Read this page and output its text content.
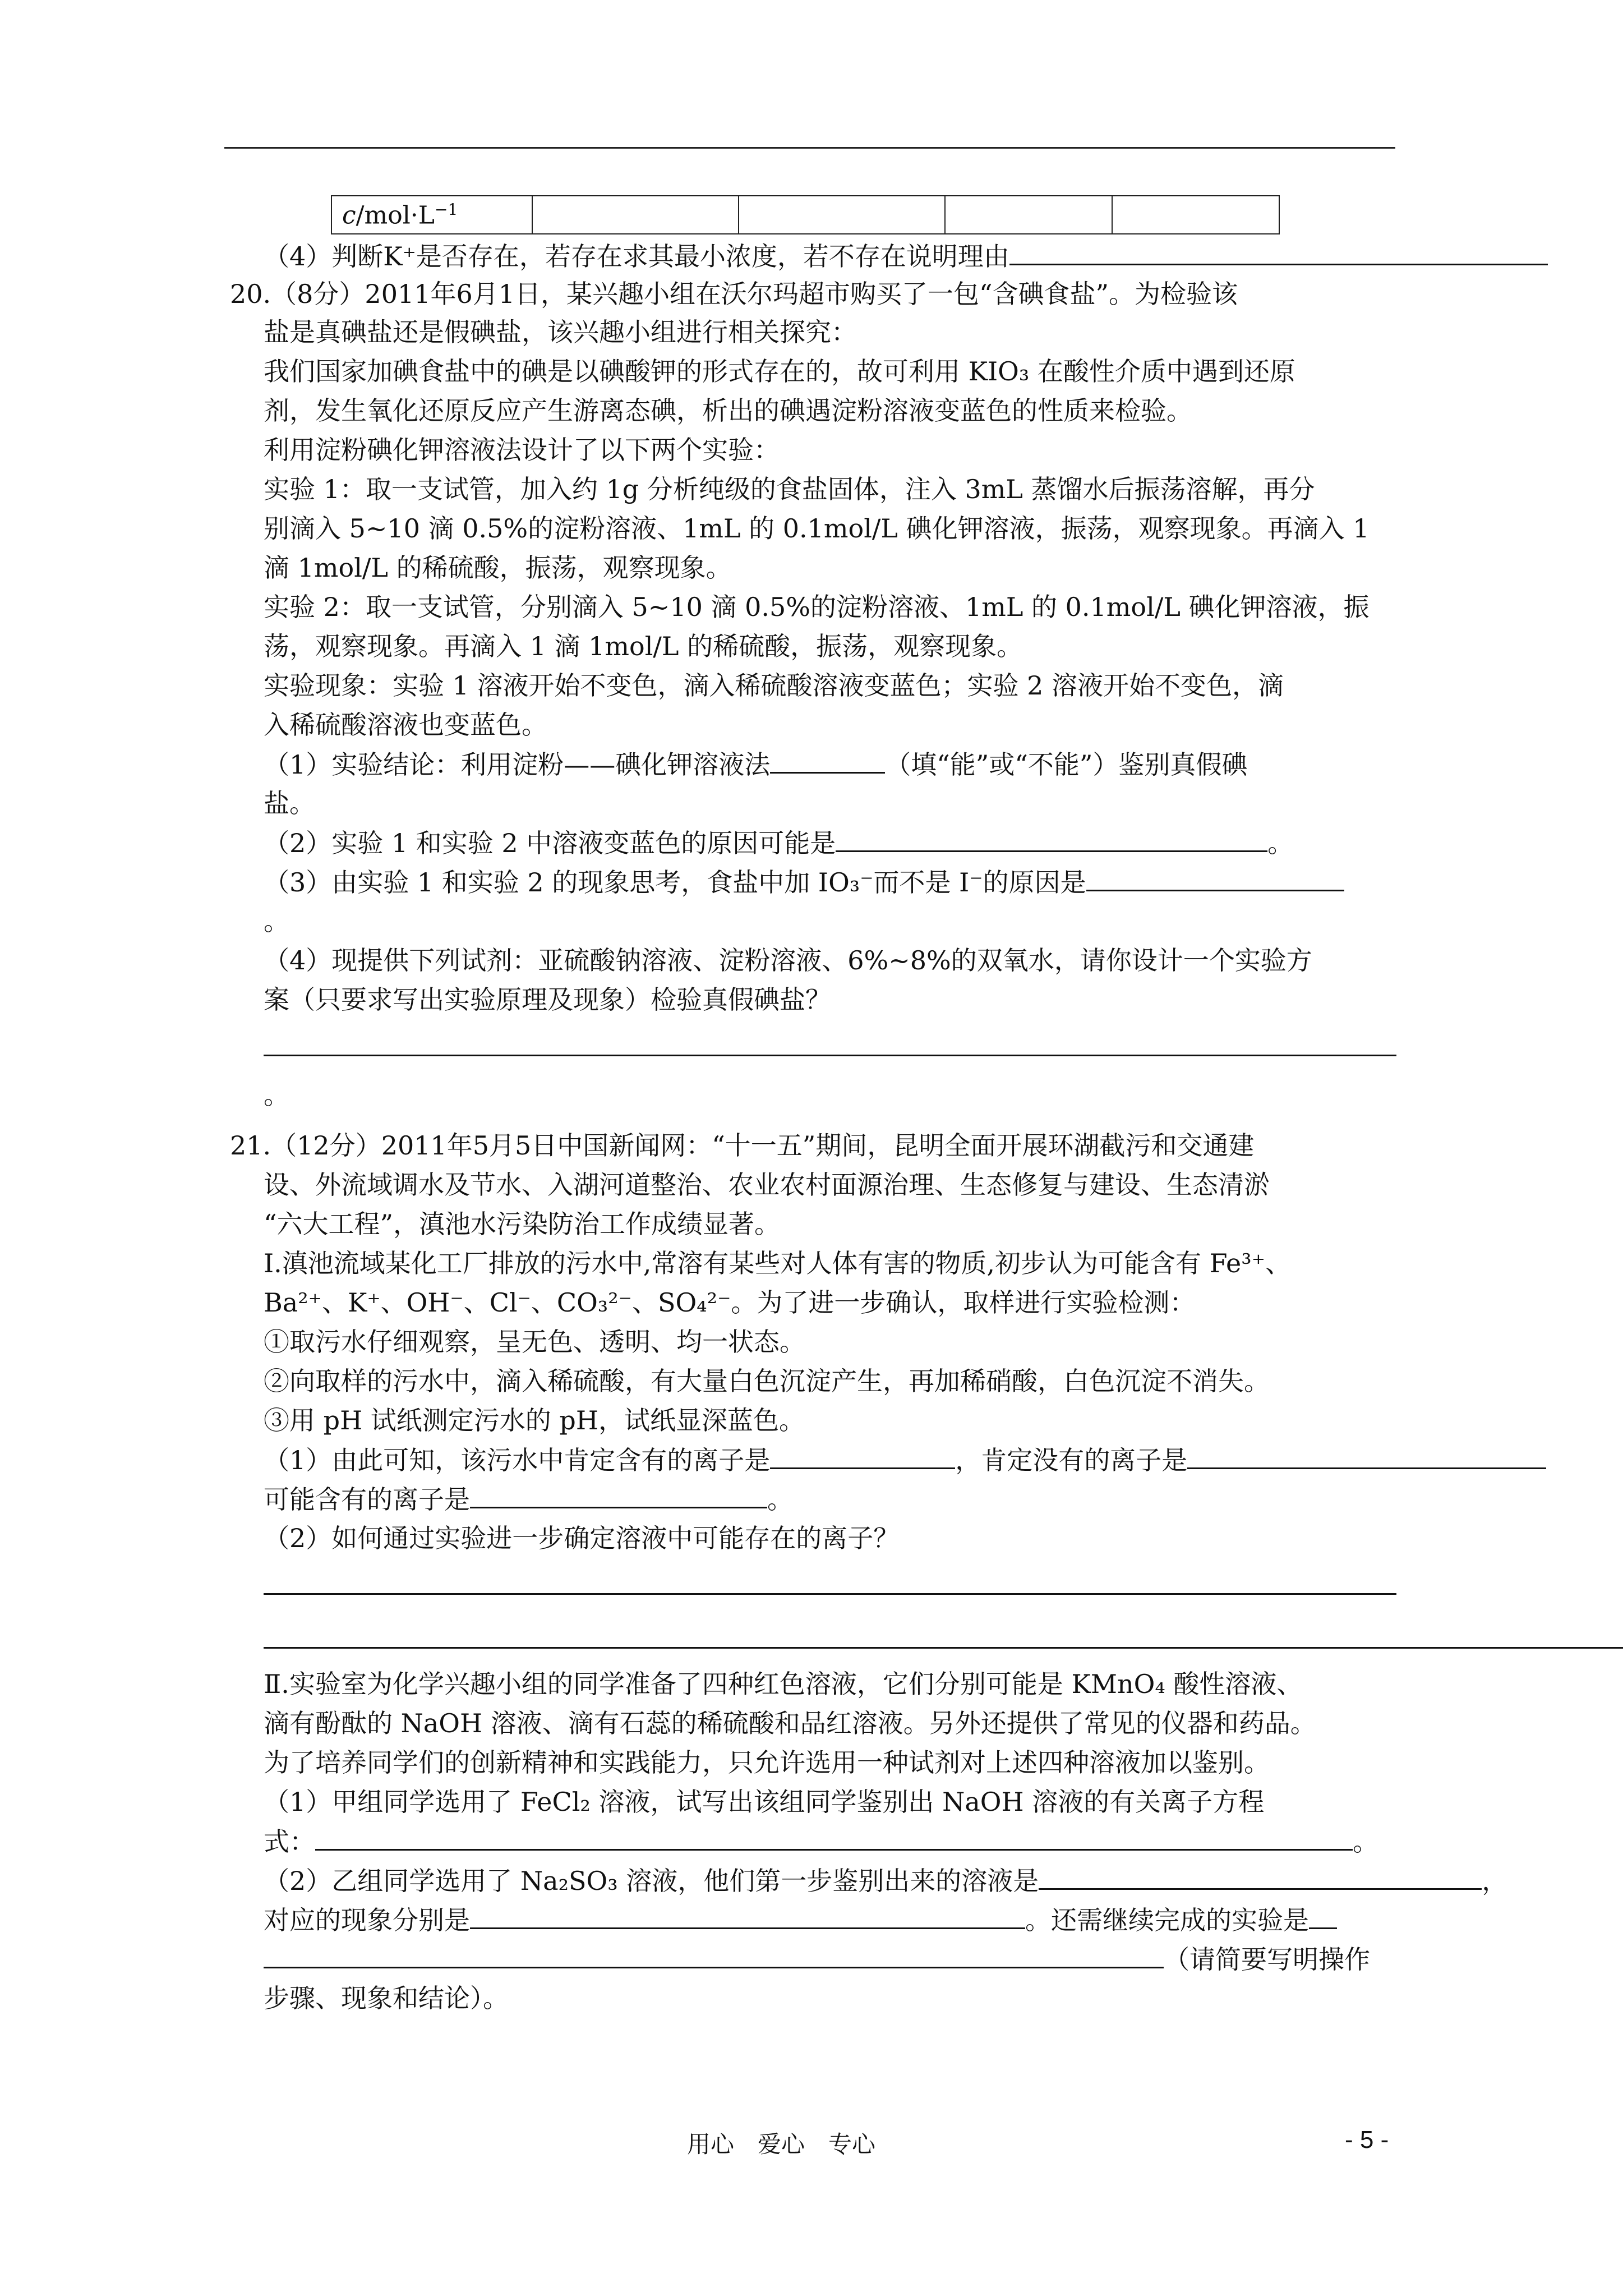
$c/mol\cdot L^{-1}$				
（4）判断K⁺是否存在，若存在求其最小浓度，若不存在说明理由
20.（8分）2011年6月1日，某兴趣小组在沃尔玛超市购买了一包“含碘食盐”。为检验该
盐是真碘盐还是假碘盐，该兴趣小组进行相关探究：
我们国家加碘食盐中的碘是以碘酸钾的形式存在的，故可利用 KIO₃ 在酸性介质中遇到还原
剂，发生氧化还原反应产生游离态碘，析出的碘遇淀粉溶液变蓝色的性质来检验。
利用淀粉碘化钾溶液法设计了以下两个实验：
实验 1：取一支试管，加入约 1g 分析纯级的食盐固体，注入 3mL 蒸馏水后振荡溶解，再分
别滴入 5~10 滴 0.5%的淀粉溶液、1mL 的 0.1mol/L 碘化钾溶液，振荡，观察现象。再滴入 1
滴 1mol/L 的稀硫酸，振荡，观察现象。
实验 2：取一支试管，分别滴入 5~10 滴 0.5%的淀粉溶液、1mL 的 0.1mol/L 碘化钾溶液，振
荡，观察现象。再滴入 1 滴 1mol/L 的稀硫酸，振荡，观察现象。
实验现象：实验 1 溶液开始不变色，滴入稀硫酸溶液变蓝色；实验 2 溶液开始不变色，滴
入稀硫酸溶液也变蓝色。
（1）实验结论：利用淀粉——碘化钾溶液法	（填“能”或“不能”）鉴别真假碘
盐。
（2）实验 1 和实验 2 中溶液变蓝色的原因可能是	。
（3）由实验 1 和实验 2 的现象思考，食盐中加 IO₃⁻而不是 I⁻的原因是
。
（4）现提供下列试剂：亚硫酸钠溶液、淀粉溶液、6%~8%的双氧水，请你设计一个实验方
案（只要求写出实验原理及现象）检验真假碘盐？
。
21.（12分）2011年5月5日中国新闻网：“十一五”期间，昆明全面开展环湖截污和交通建
设、外流域调水及节水、入湖河道整治、农业农村面源治理、生态修复与建设、生态清淤
“六大工程”，滇池水污染防治工作成绩显著。
Ⅰ.滇池流域某化工厂排放的污水中,常溶有某些对人体有害的物质,初步认为可能含有 Fe³⁺、
Ba²⁺、K⁺、OH⁻、Cl⁻、CO₃²⁻、SO₄²⁻。为了进一步确认，取样进行实验检测：
①取污水仔细观察，呈无色、透明、均一状态。
②向取样的污水中，滴入稀硫酸，有大量白色沉淀产生，再加稀硝酸，白色沉淀不消失。
③用 pH 试纸测定污水的 pH，试纸显深蓝色。
（1）由此可知，该污水中肯定含有的离子是	，肯定没有的离子是
可能含有的离子是	。
（2）如何通过实验进一步确定溶液中可能存在的离子？
Ⅱ.实验室为化学兴趣小组的同学准备了四种红色溶液，它们分别可能是 KMnO₄ 酸性溶液、
滴有酚酞的 NaOH 溶液、滴有石蕊的稀硫酸和品红溶液。另外还提供了常见的仪器和药品。
为了培养同学们的创新精神和实践能力，只允许选用一种试剂对上述四种溶液加以鉴别。
（1）甲组同学选用了 FeCl₂ 溶液，试写出该组同学鉴别出 NaOH 溶液的有关离子方程
式：	。
（2）乙组同学选用了 Na₂SO₃ 溶液，他们第一步鉴别出来的溶液是	，
对应的现象分别是	。还需继续完成的实验是
（请简要写明操作
步骤、现象和结论）。
用心　爱心　专心	- 5 -
